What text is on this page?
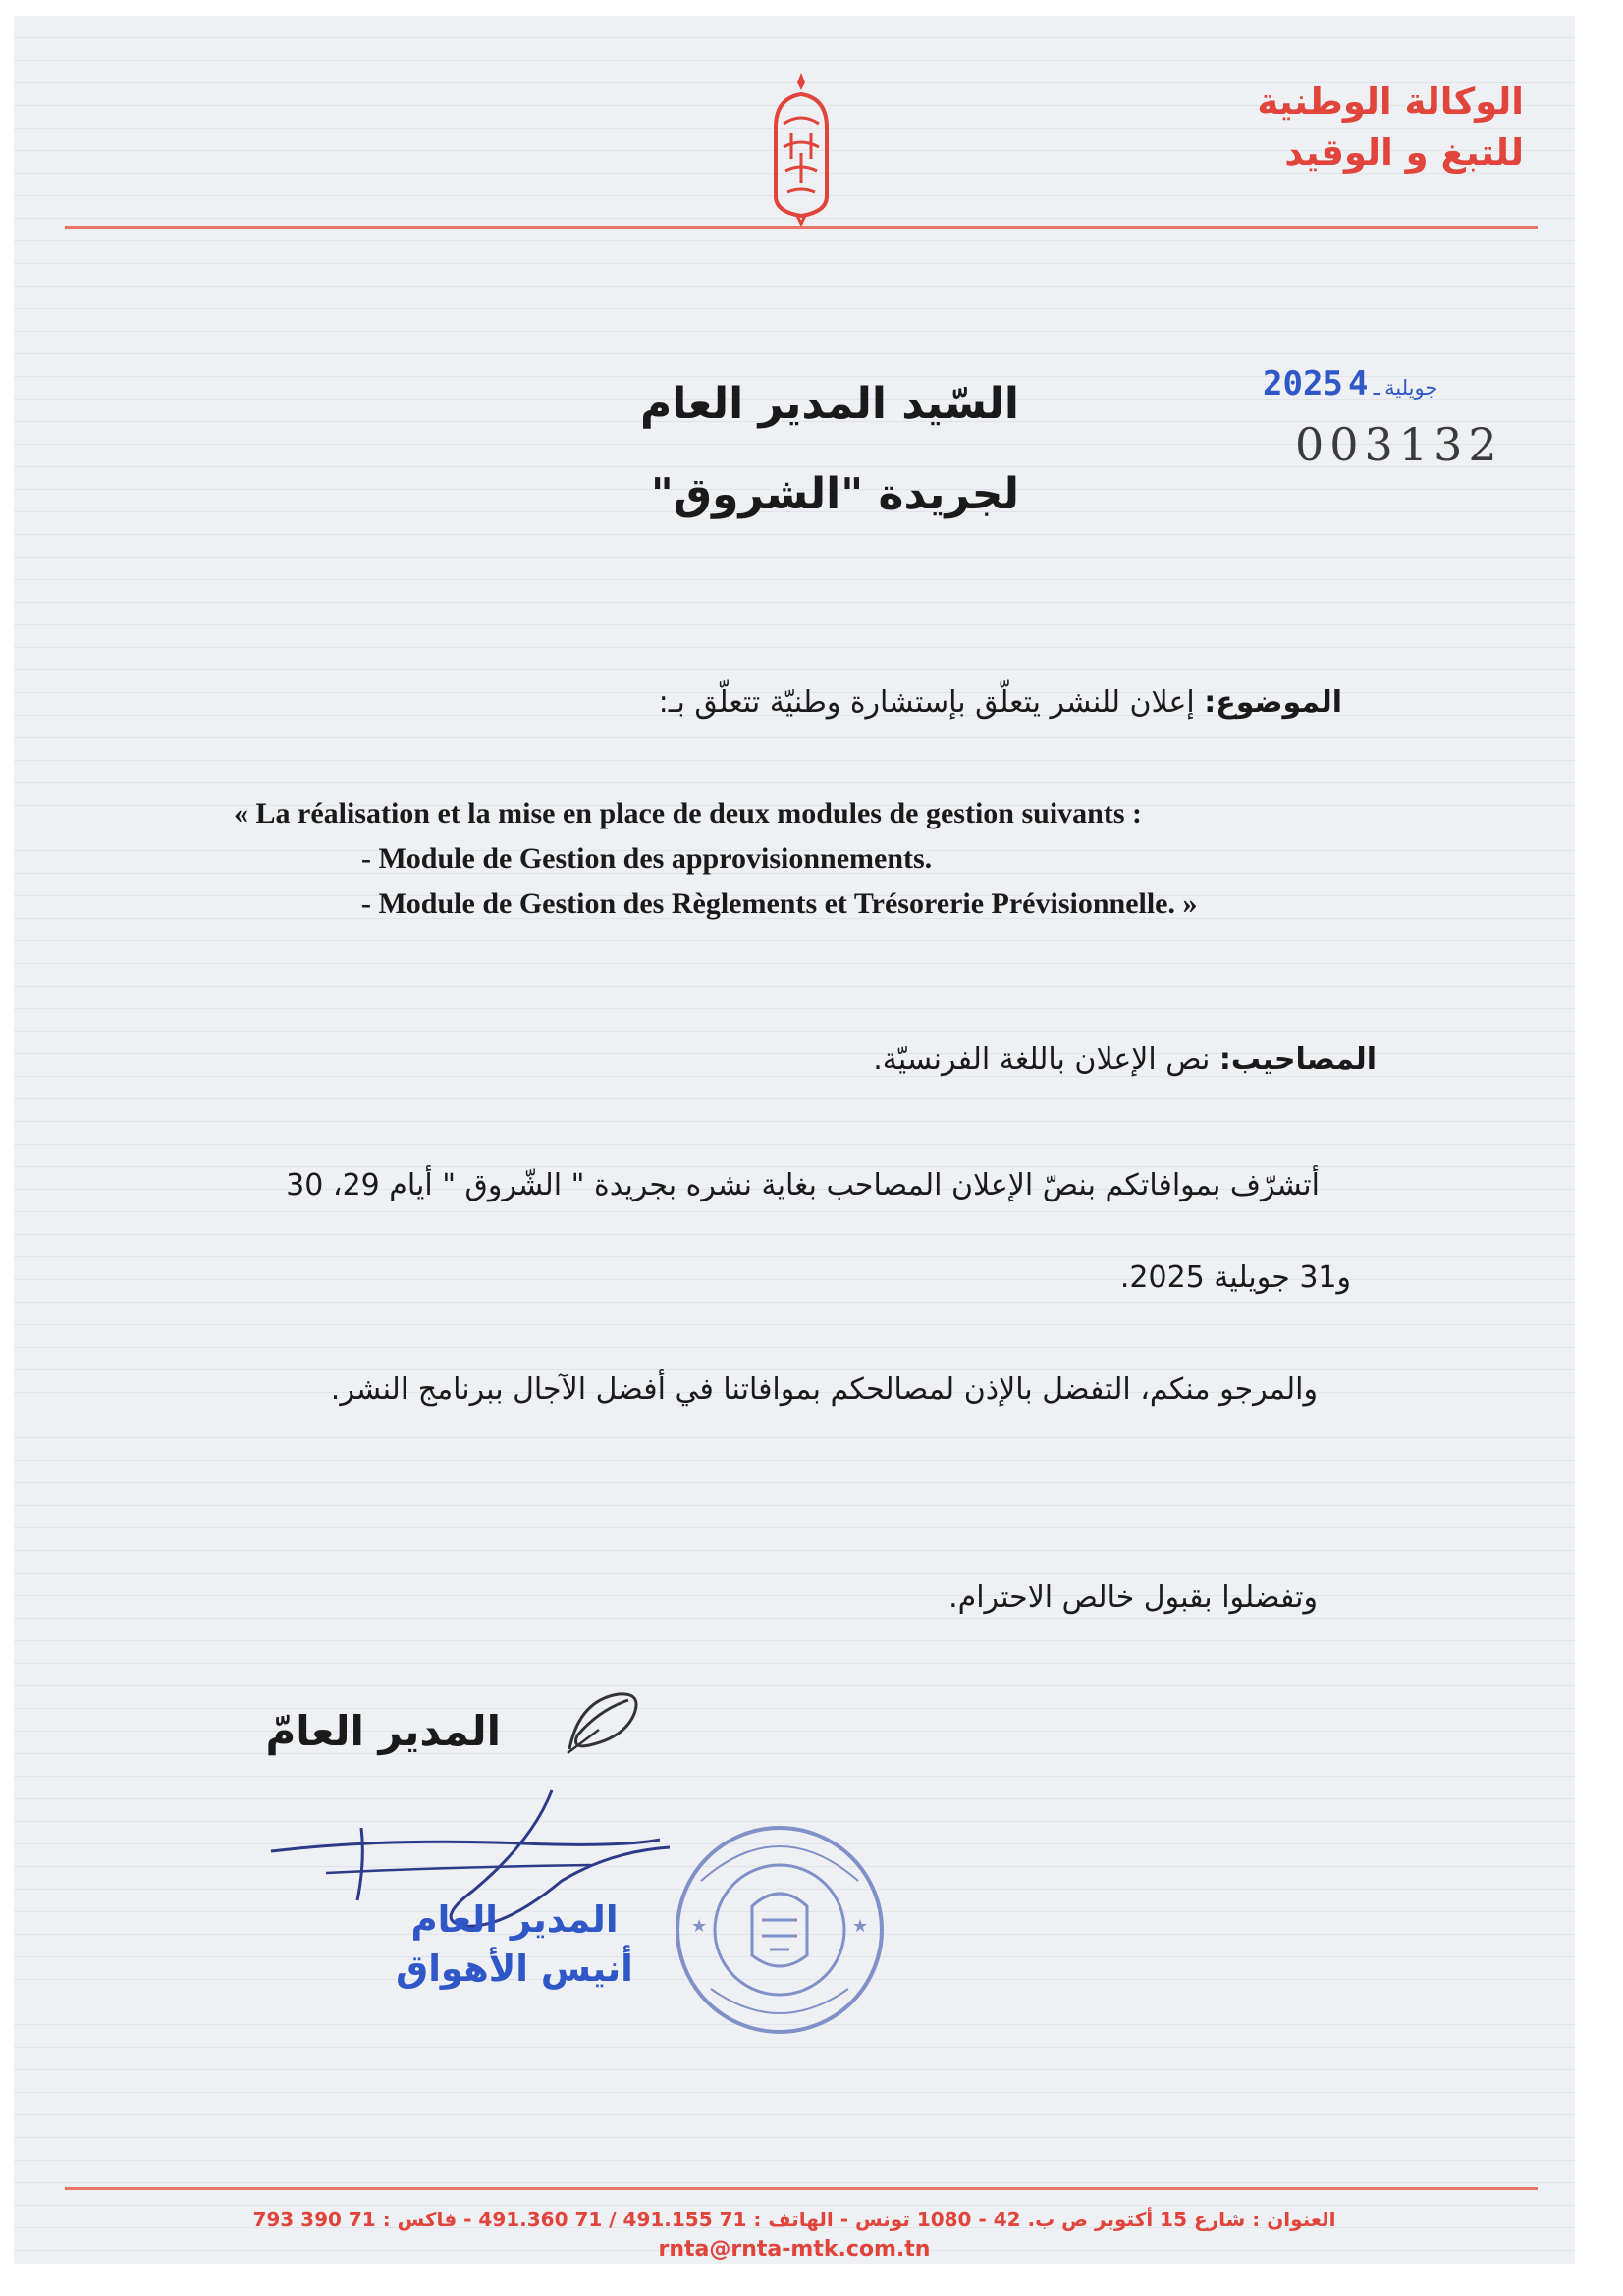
الوكالة الوطنية
للتبغ و الوقيد
السّيد المدير العام
لجريدة "الشروق"
2025 جويلية ـ 4
003132
الموضوع: إعلان للنشر يتعلّق بإستشارة وطنيّة تتعلّق بـ:
« La réalisation et la mise en place de deux modules de gestion suivants :
- Module de Gestion des approvisionnements.
- Module de Gestion des Règlements et Trésorerie Prévisionnelle. »
المصاحيب: نص الإعلان باللغة الفرنسيّة.
أتشرّف بموافاتكم بنصّ الإعلان المصاحب بغاية نشره بجريدة " الشّروق " أيام 29، 30
و31 جويلية 2025.
والمرجو منكم، التفضل بالإذن لمصالحكم بموافاتنا في أفضل الآجال ببرنامج النشر.
وتفضلوا بقبول خالص الاحترام.
المدير العامّ
المدير العام
أنيس الأهواق
★	★
العنوان : شارع 15 أكتوبر ص ب. 42 - 1080 تونس - الهاتف : 71 491.155 / 71 491.360 - فاكس : 71 390 793
rnta@rnta-mtk.com.tn
